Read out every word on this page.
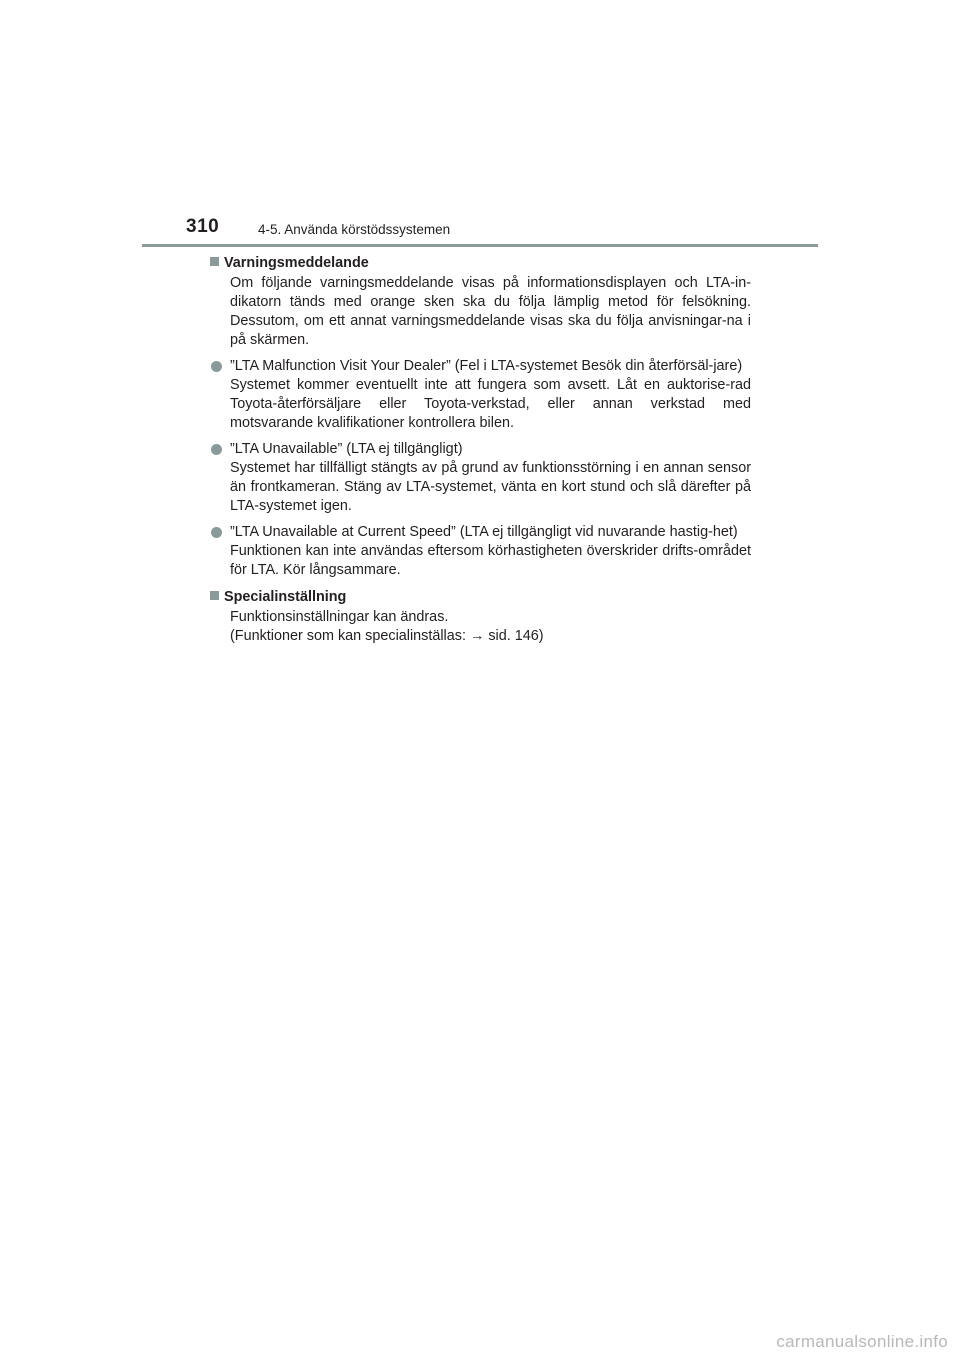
310	4-5. Använda körstödssystemen
Varningsmeddelande
Om följande varningsmeddelande visas på informationsdisplayen och LTA-in-dikatorn tänds med orange sken ska du följa lämplig metod för felsökning. Dessutom, om ett annat varningsmeddelande visas ska du följa anvisningar-na i på skärmen.
”LTA Malfunction Visit Your Dealer” (Fel i LTA-systemet Besök din återförsäl-jare)
Systemet kommer eventuellt inte att fungera som avsett. Låt en auktorise-rad Toyota-återförsäljare eller Toyota-verkstad, eller annan verkstad med motsvarande kvalifikationer kontrollera bilen.
”LTA Unavailable” (LTA ej tillgängligt)
Systemet har tillfälligt stängts av på grund av funktionsstörning i en annan sensor än frontkameran. Stäng av LTA-systemet, vänta en kort stund och slå därefter på LTA-systemet igen.
”LTA Unavailable at Current Speed” (LTA ej tillgängligt vid nuvarande hastig-het)
Funktionen kan inte användas eftersom körhastigheten överskrider drifts-området för LTA. Kör långsammare.
Specialinställning
Funktionsinställningar kan ändras.
(Funktioner som kan specialinställas: → sid. 146)
carmanualsonline.info
